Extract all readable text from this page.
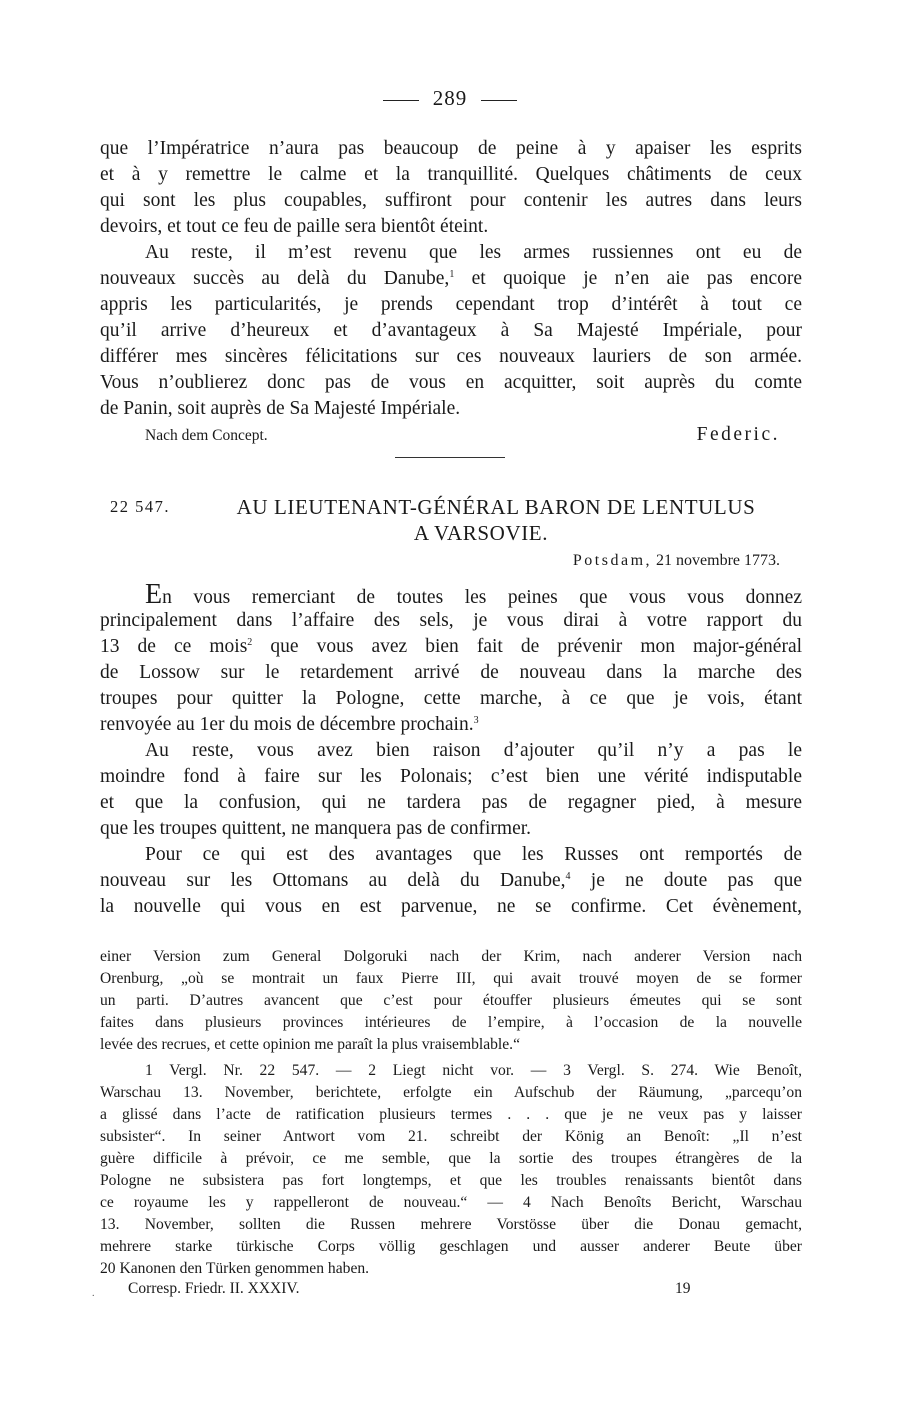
289
que l’Impératrice n’aura pas beaucoup de peine à y apaiser les esprits
et à y remettre le calme et la tranquillité. Quelques châtiments de ceux
qui sont les plus coupables, suffiront pour contenir les autres dans leurs
devoirs, et tout ce feu de paille sera bientôt éteint.
Au reste, il m’est revenu que les armes russiennes ont eu de
nouveaux succès au delà du Danube,$^1$ et quoique je n’en aie pas encore
appris les particularités, je prends cependant trop d’intérêt à tout ce
qu’il arrive d’heureux et d’avantageux à Sa Majesté Impériale, pour
différer mes sincères félicitations sur ces nouveaux lauriers de son armée.
Vous n’oublierez donc pas de vous en acquitter, soit auprès du comte
de Panin, soit auprès de Sa Majesté Impériale.
Nach dem Concept.	Federic.
22 547.	AU LIEUTENANT-GÉNÉRAL BARON DE LENTULUS
A VARSOVIE.
Potsdam, 21 novembre 1773.
En vous remerciant de toutes les peines que vous vous donnez
principalement dans l’affaire des sels, je vous dirai à votre rapport du
13 de ce mois$^2$ que vous avez bien fait de prévenir mon major-général
de Lossow sur le retardement arrivé de nouveau dans la marche des
troupes pour quitter la Pologne, cette marche, à ce que je vois, étant
renvoyée au 1er du mois de décembre prochain.$^3$
Au reste, vous avez bien raison d’ajouter qu’il n’y a pas le
moindre fond à faire sur les Polonais; c’est bien une vérité indisputable
et que la confusion, qui ne tardera pas de regagner pied, à mesure
que les troupes quittent, ne manquera pas de confirmer.
Pour ce qui est des avantages que les Russes ont remportés de
nouveau sur les Ottomans au delà du Danube,$^4$ je ne doute pas que
la nouvelle qui vous en est parvenue, ne se confirme. Cet évènement,
einer Version zum General Dolgoruki nach der Krim, nach anderer Version nach
Orenburg, „où se montrait un faux Pierre III, qui avait trouvé moyen de se former
un parti. D’autres avancent que c’est pour étouffer plusieurs émeutes qui se sont
faites dans plusieurs provinces intérieures de l’empire, à l’occasion de la nouvelle
levée des recrues, et cette opinion me paraît la plus vraisemblable.“
1 Vergl. Nr. 22 547. — 2 Liegt nicht vor. — 3 Vergl. S. 274. Wie Benoît,
Warschau 13. November, berichtete, erfolgte ein Aufschub der Räumung, „parcequ’on
a glissé dans l’acte de ratification plusieurs termes . . . que je ne veux pas y laisser
subsister“. In seiner Antwort vom 21. schreibt der König an Benoît: „Il n’est
guère difficile à prévoir, ce me semble, que la sortie des troupes étrangères de la
Pologne ne subsistera pas fort longtemps, et que les troubles renaissants bientôt dans
ce royaume les y rappelleront de nouveau.“ — 4 Nach Benoîts Bericht, Warschau
13. November, sollten die Russen mehrere Vorstösse über die Donau gemacht,
mehrere starke türkische Corps völlig geschlagen und ausser anderer Beute über
20 Kanonen den Türken genommen haben.
. Corresp. Friedr. II. XXXIV.	19
